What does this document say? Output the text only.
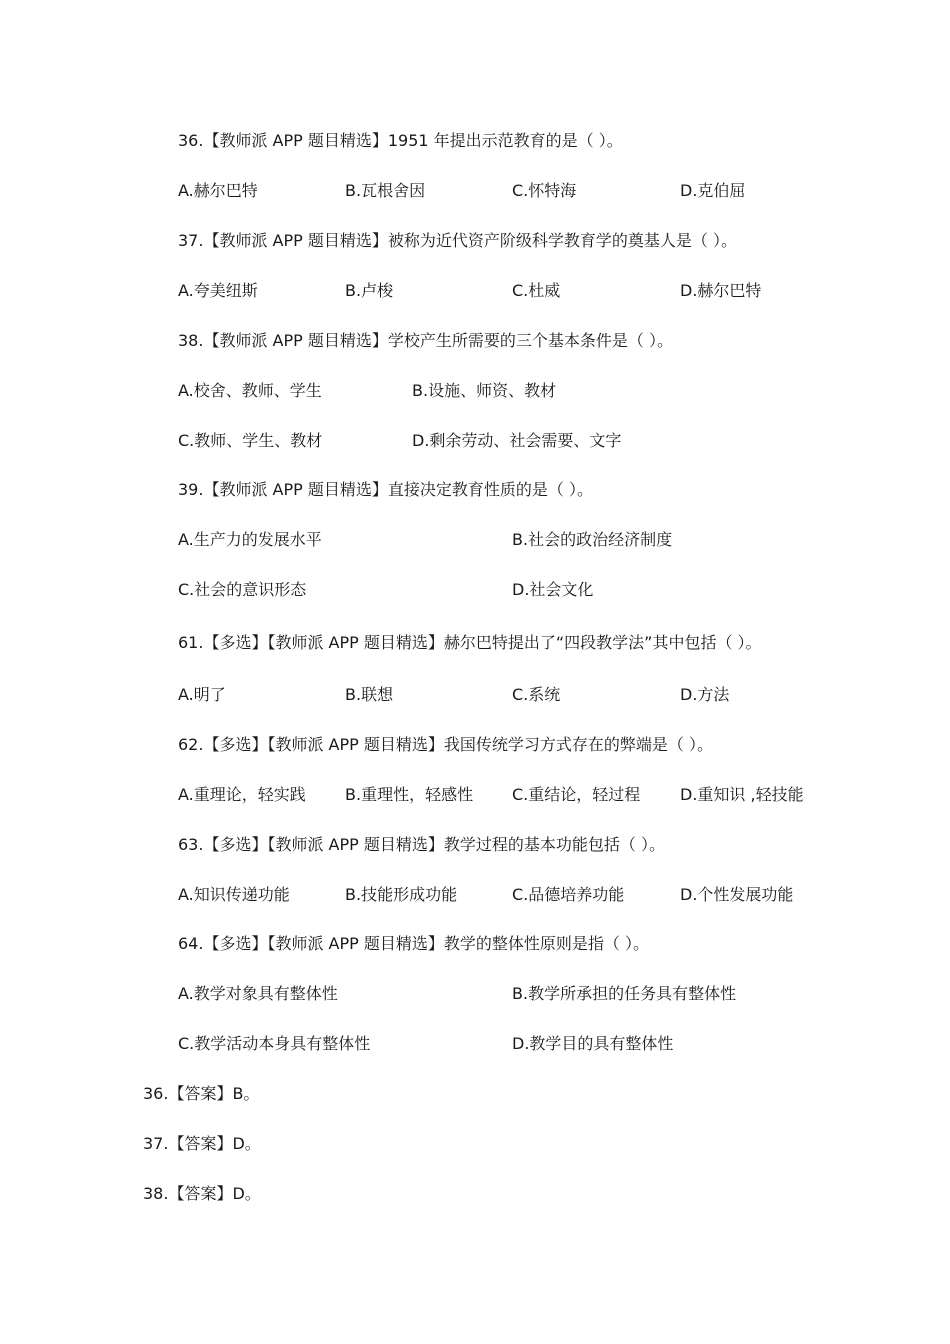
36.【教师派 APP 题目精选】1951 年提出示范教育的是（ ）。
A.赫尔巴特	B.瓦根舍因	C.怀特海	D.克伯屈
37.【教师派 APP 题目精选】被称为近代资产阶级科学教育学的奠基人是（ ）。
A.夸美纽斯	B.卢梭	C.杜威	D.赫尔巴特
38.【教师派 APP 题目精选】学校产生所需要的三个基本条件是（ ）。
A.校舍、教师、学生	B.设施、师资、教材
C.教师、学生、教材	D.剩余劳动、社会需要、文字
39.【教师派 APP 题目精选】直接决定教育性质的是（ ）。
A.生产力的发展水平	B.社会的政治经济制度
C.社会的意识形态	D.社会文化
61.【多选】【教师派 APP 题目精选】赫尔巴特提出了“四段教学法”其中包括（ ）。
A.明了	B.联想	C.系统	D.方法
62.【多选】【教师派 APP 题目精选】我国传统学习方式存在的弊端是（ ）。
A.重理论，轻实践 B.重理性，轻感性 C.重结论，轻过程 D.重知识 ,轻技能
63.【多选】【教师派 APP 题目精选】教学过程的基本功能包括（ ）。
A.知识传递功能	B.技能形成功能	C.品德培养功能	D.个性发展功能
64.【多选】【教师派 APP 题目精选】教学的整体性原则是指（ ）。
A.教学对象具有整体性	B.教学所承担的任务具有整体性
C.教学活动本身具有整体性	D.教学目的具有整体性
36.【答案】B。
37.【答案】D。
38.【答案】D。
